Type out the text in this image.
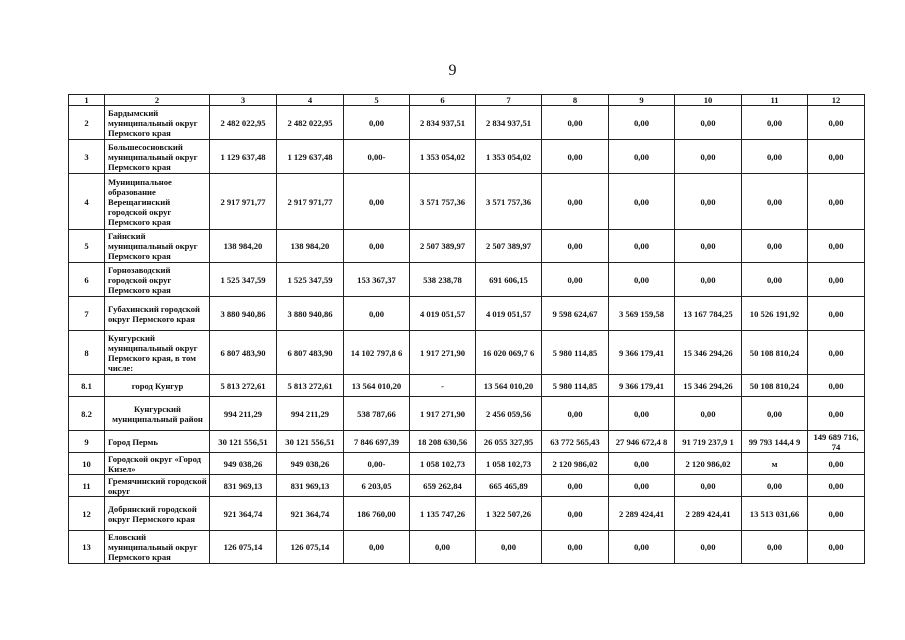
9
1	2	3	4	5	6	7	8	9	10	11	12
2	Бардымский муниципальный округ Пермского края	2 482 022,95	2 482 022,95	0,00	2 834 937,51	2 834 937,51	0,00	0,00	0,00	0,00	0,00
3	Большесосновский муниципальный округ Пермского края	1 129 637,48	1 129 637,48	0,00-	1 353 054,02	1 353 054,02	0,00	0,00	0,00	0,00	0,00
4	Муниципальное образование Верещагинский городской округ Пермского края	2 917 971,77	2 917 971,77	0,00	3 571 757,36	3 571 757,36	0,00	0,00	0,00	0,00	0,00
5	Гайнский муниципальный округ Пермского края	138 984,20	138 984,20	0,00	2 507 389,97	2 507 389,97	0,00	0,00	0,00	0,00	0,00
6	Горнозаводский городской округ Пермского края	1 525 347,59	1 525 347,59	153 367,37	538 238,78	691 606,15	0,00	0,00	0,00	0,00	0,00
7	Губахинский городской округ Пермского края	3 880 940,86	3 880 940,86	0,00	4 019 051,57	4 019 051,57	9 598 624,67	3 569 159,58	13 167 784,25	10 526 191,92	0,00
8	Кунгурский муниципальный округ Пермского края, в том числе:	6 807 483,90	6 807 483,90	14 102 797,8 6	1 917 271,90	16 020 069,7 6	5 980 114,85	9 366 179,41	15 346 294,26	50 108 810,24	0,00
8.1	город Кунгур	5 813 272,61	5 813 272,61	13 564 010,20	-	13 564 010,20	5 980 114,85	9 366 179,41	15 346 294,26	50 108 810,24	0,00
8.2	Кунгурский муниципальный район	994 211,29	994 211,29	538 787,66	1 917 271,90	2 456 059,56	0,00	0,00	0,00	0,00	0,00
9	Город Пермь	30 121 556,51	30 121 556,51	7 846 697,39	18 208 630,56	26 055 327,95	63 772 565,43	27 946 672,4 8	91 719 237,9 1	99 793 144,4 9	149 689 716, 74
10	Городской округ «Город Кизел»	949 038,26	949 038,26	0,00-	1 058 102,73	1 058 102,73	2 120 986,02	0,00	2 120 986,02	м	0,00
11	Гремячинский городской округ	831 969,13	831 969,13	6 203,05	659 262,84	665 465,89	0,00	0,00	0,00	0,00	0,00
12	Добрянский городской округ Пермского края	921 364,74	921 364,74	186 760,00	1 135 747,26	1 322 507,26	0,00	2 289 424,41	2 289 424,41	13 513 031,66	0,00
13	Еловский муниципальный округ Пермского края	126 075,14	126 075,14	0,00	0,00	0,00	0,00	0,00	0,00	0,00	0,00
